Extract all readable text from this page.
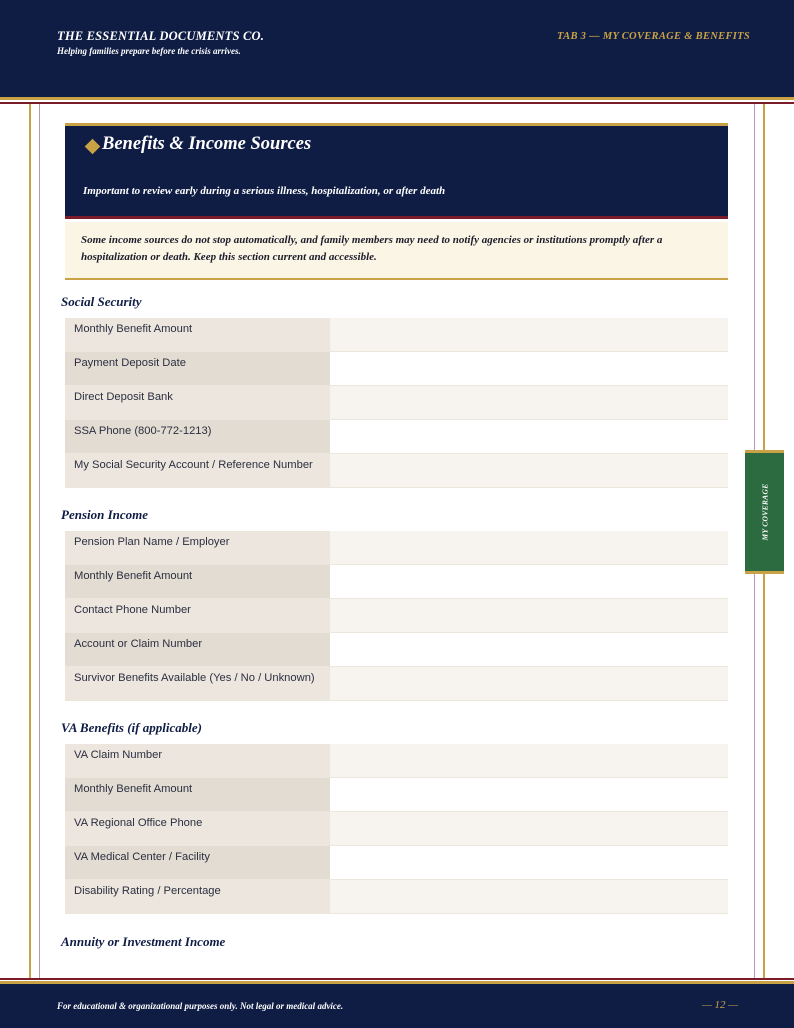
THE ESSENTIAL DOCUMENTS CO.
Helping families prepare before the crisis arrives.
TAB 3 — MY COVERAGE & BENEFITS
MY COVERAGE
Benefits & Income Sources
Important to review early during a serious illness, hospitalization, or after death
Some income sources do not stop automatically, and family members may need to notify agencies or institutions promptly after a hospitalization or death. Keep this section current and accessible.
Social Security
Monthly Benefit Amount
Payment Deposit Date
Direct Deposit Bank
SSA Phone (800-772-1213)
My Social Security Account / Reference Number
Pension Income
Pension Plan Name / Employer
Monthly Benefit Amount
Contact Phone Number
Account or Claim Number
Survivor Benefits Available (Yes / No / Unknown)
VA Benefits (if applicable)
VA Claim Number
Monthly Benefit Amount
VA Regional Office Phone
VA Medical Center / Facility
Disability Rating / Percentage
Annuity or Investment Income
For educational & organizational purposes only. Not legal or medical advice.	— 12 —
